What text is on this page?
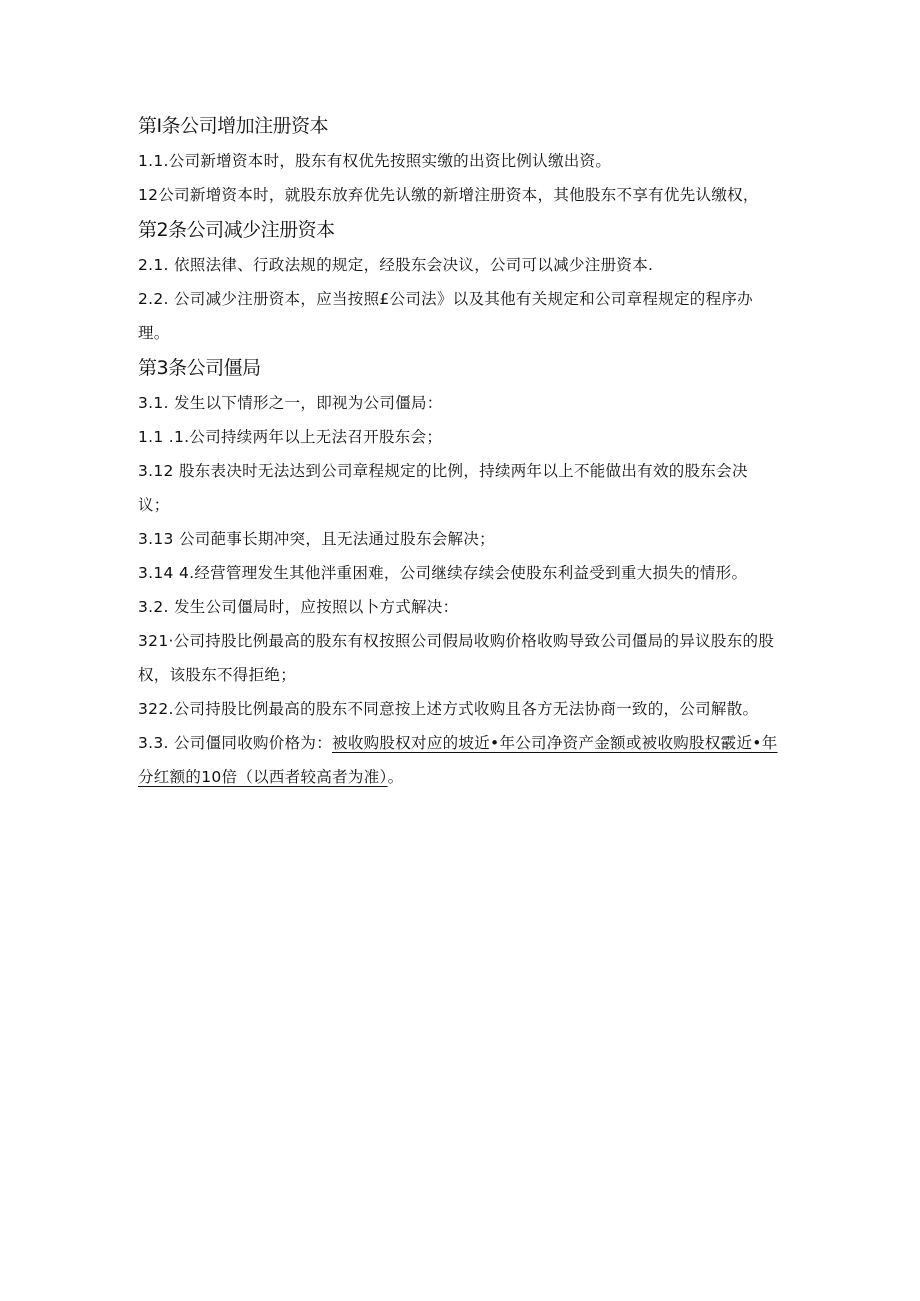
第I条公司增加注册资本

1.1.公司新增资本时，股东有权优先按照实缴的出资比例认缴出资。

12公司新增资本时，就股东放弃优先认缴的新增注册资本，其他股东不享有优先认缴权，

第2条公司减少注册资本

2.1. 依照法律、行政法规的规定，经股东会决议，公司可以减少注册资本.

2.2. 公司减少注册资本，应当按照£公司法》以及其他有关规定和公司章程规定的程序办理。

第3条公司僵局

3.1. 发生以下情形之一，即视为公司僵局：

1.1 .1.公司持续两年以上无法召开股东会；

3.12 股东表决时无法达到公司章程规定的比例，持续两年以上不能做出有效的股东会决议；

3.13 公司葩事长期冲突，且无法通过股东会解决；

3.14 4.经营管理发生其他泮重困难，公司继续存续会使股东利益受到重大损失的情形。

3.2. 发生公司僵局时，应按照以卜方式解决：

321·公司持股比例最高的股东有权按照公司假局收购价格收购导致公司僵局的异议股东的股权，该股东不得拒绝；

322.公司持股比例最高的股东不同意按上述方式收购且各方无法协商一致的，公司解散。

3.3. 公司僵同收购价格为：被收购股权对应的坡近•年公司净资产金额或被收购股权霰近•年分红额的10倍（以西者较高者为准）。
